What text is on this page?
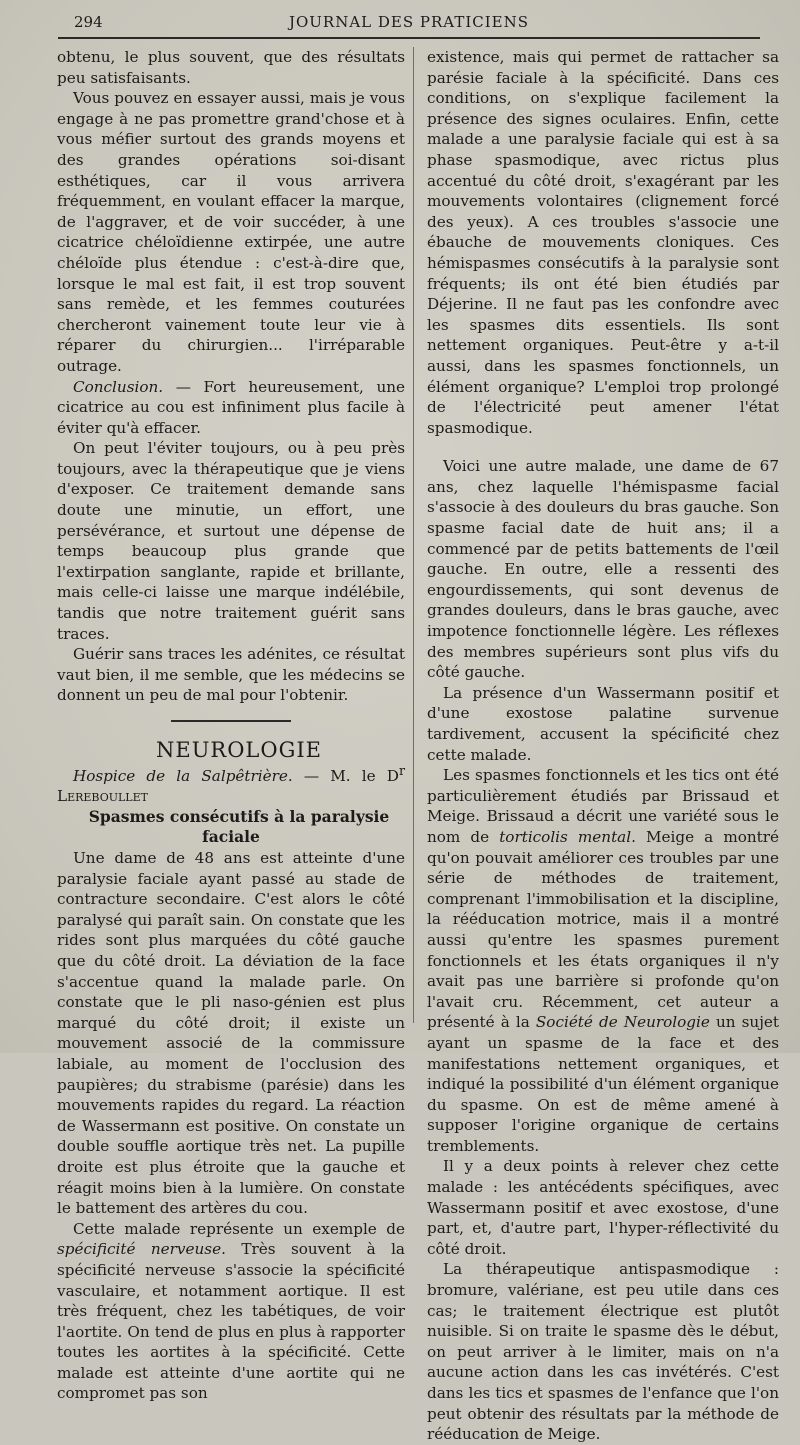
294	JOURNAL DES PRATICIENS

obtenu, le plus souvent, que des résultats peu satisfaisants.

Vous pouvez en essayer aussi, mais je vous engage à ne pas promettre grand'chose et à vous méfier surtout des grands moyens et des grandes opérations soi-disant esthétiques, car il vous arrivera fréquemment, en voulant effacer la marque, de l'aggraver, et de voir succéder, à une cicatrice chéloïdienne extirpée, une autre chéloïde plus étendue : c'est-à-dire que, lorsque le mal est fait, il est trop souvent sans remède, et les femmes couturées chercheront vainement toute leur vie à réparer du chirurgien... l'irréparable outrage.

Conclusion. — Fort heureusement, une cicatrice au cou est infiniment plus facile à éviter qu'à effacer.

On peut l'éviter toujours, ou à peu près toujours, avec la thérapeutique que je viens d'exposer. Ce traitement demande sans doute une minutie, un effort, une persévérance, et surtout une dépense de temps beaucoup plus grande que l'extirpation sanglante, rapide et brillante, mais celle-ci laisse une marque indélébile, tandis que notre traitement guérit sans traces.

Guérir sans traces les adénites, ce résultat vaut bien, il me semble, que les médecins se donnent un peu de mal pour l'obtenir.

NEUROLOGIE

Hospice de la Salpêtrière. — M. le $D^r$ Lereboullet

Spasmes consécutifs à la paralysie faciale

Une dame de 48 ans est atteinte d'une paralysie faciale ayant passé au stade de contracture secondaire. C'est alors le côté paralysé qui paraît sain. On constate que les rides sont plus marquées du côté gauche que du côté droit. La déviation de la face s'accentue quand la malade parle. On constate que le pli naso-génien est plus marqué du côté droit; il existe un mouvement associé de la commissure labiale, au moment de l'occlusion des paupières; du strabisme (parésie) dans les mouvements rapides du regard. La réaction de Wassermann est positive. On constate un double souffle aortique très net. La pupille droite est plus étroite que la gauche et réagit moins bien à la lumière. On constate le battement des artères du cou.

Cette malade représente un exemple de spécificité nerveuse. Très souvent à la spécificité nerveuse s'associe la spécificité vasculaire, et notamment aortique. Il est très fréquent, chez les tabétiques, de voir l'aortite. On tend de plus en plus à rapporter toutes les aortites à la spécificité. Cette malade est atteinte d'une aortite qui ne compromet pas son

existence, mais qui permet de rattacher sa parésie faciale à la spécificité. Dans ces conditions, on s'explique facilement la présence des signes oculaires. Enfin, cette malade a une paralysie faciale qui est à sa phase spasmodique, avec rictus plus accentué du côté droit, s'exagérant par les mouvements volontaires (clignement forcé des yeux). A ces troubles s'associe une ébauche de mouvements cloniques. Ces hémispasmes consécutifs à la paralysie sont fréquents; ils ont été bien étudiés par Déjerine. Il ne faut pas les confondre avec les spasmes dits essentiels. Ils sont nettement organiques. Peut-être y a-t-il aussi, dans les spasmes fonctionnels, un élément organique? L'emploi trop prolongé de l'électricité peut amener l'état spasmodique.

Voici une autre malade, une dame de 67 ans, chez laquelle l'hémispasme facial s'associe à des douleurs du bras gauche. Son spasme facial date de huit ans; il a commencé par de petits battements de l'œil gauche. En outre, elle a ressenti des engourdissements, qui sont devenus de grandes douleurs, dans le bras gauche, avec impotence fonctionnelle légère. Les réflexes des membres supérieurs sont plus vifs du côté gauche.

La présence d'un Wassermann positif et d'une exostose palatine survenue tardivement, accusent la spécificité chez cette malade.

Les spasmes fonctionnels et les tics ont été particulièrement étudiés par Brissaud et Meige. Brissaud a décrit une variété sous le nom de torticolis mental. Meige a montré qu'on pouvait améliorer ces troubles par une série de méthodes de traitement, comprenant l'immobilisation et la discipline, la rééducation motrice, mais il a montré aussi qu'entre les spasmes purement fonctionnels et les états organiques il n'y avait pas une barrière si profonde qu'on l'avait cru. Récemment, cet auteur a présenté à la Société de Neurologie un sujet ayant un spasme de la face et des manifestations nettement organiques, et indiqué la possibilité d'un élément organique du spasme. On est de même amené à supposer l'origine organique de certains tremblements.

Il y a deux points à relever chez cette malade : les antécédents spécifiques, avec Wassermann positif et avec exostose, d'une part, et, d'autre part, l'hyper-réflectivité du côté droit.

La thérapeutique antispasmodique : bromure, valériane, est peu utile dans ces cas; le traitement électrique est plutôt nuisible. Si on traite le spasme dès le début, on peut arriver à le limiter, mais on n'a aucune action dans les cas invétérés. C'est dans les tics et spasmes de l'enfance que l'on peut obtenir des résultats par la méthode de rééducation de Meige.
